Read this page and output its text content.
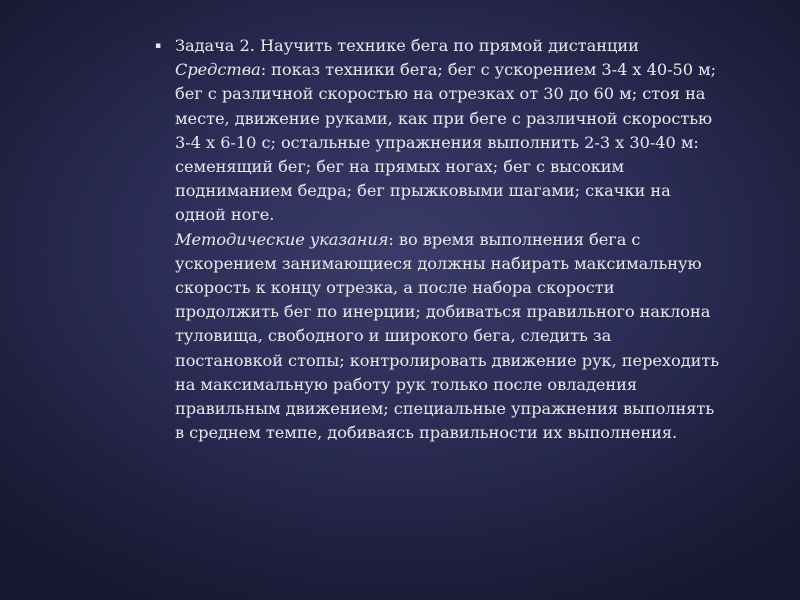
▪ Задача 2. Научить технике бега по прямой дистанции
Средства: показ техники бега; бег с ускорением 3-4 х 40-50 м; бег с различной скоростью на отрезках от 30 до 60 м; стоя на месте, движение руками, как при беге с различной скоростью 3-4 х 6-10 с; остальные упражнения выполнить 2-3 х 30-40 м: семенящий бег; бег на прямых ногах; бег с высоким подниманием бедра; бег прыжковыми шагами; скачки на одной ноге.
Методические указания: во время выполнения бега с ускорением занимающиеся должны набирать максимальную скорость к концу отрезка, а после набора скорости продолжить бег по инерции; добиваться правильного наклона туловища, свободного и широкого бега, следить за постановкой стопы; контролировать движение рук, переходить на максимальную работу рук только после овладения правильным движением; специальные упражнения выполнять в среднем темпе, добиваясь правильности их выполнения.
